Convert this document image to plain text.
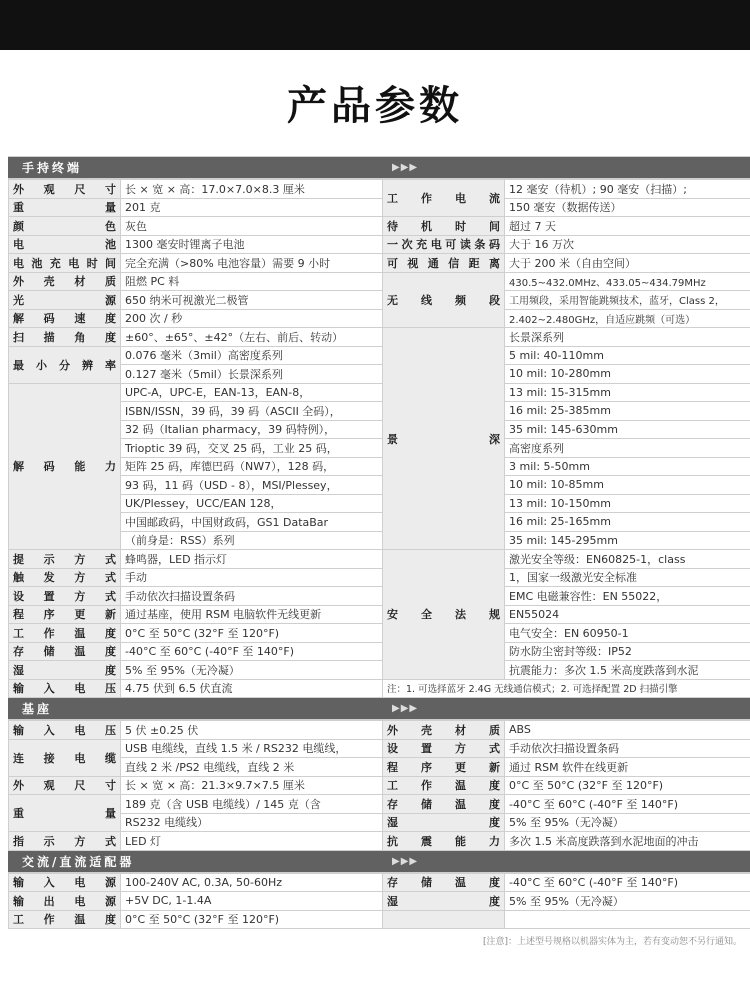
产品参数
手持终端	▶▶▶
外观尺寸	长 × 宽 × 高：17.0×7.0×8.3 厘米	工作电流	12 毫安（待机）; 90 毫安（扫描）;
重量	201 克		150 毫安（数据传送）
颜色	灰色	待机时间	超过 7 天
电池	1300 毫安时锂离子电池	一次充电可读条码	大于 16 万次
电池充电时间	完全充满（>80% 电池容量）需要 9 小时	可视通信距离	大于 200 米（自由空间）
外壳材质	阻燃 PC 料	无线频段	430.5~432.0MHz、433.05~434.79MHz
光源	650 纳米可视激光二极管		工用频段，采用智能跳频技术，蓝牙，Class 2，
解码速度	200 次 / 秒		2.402~2.480GHz，自适应跳频（可选）
扫描角度	±60°、±65°、±42°（左右、前后、转动）	景深	长景深系列
最小分辨率	0.076 毫米（3mil）高密度系列		5 mil: 40-110mm
	0.127 毫米（5mil）长景深系列		10 mil: 10-280mm
解码能力	UPC-A，UPC-E，EAN-13，EAN-8，		13 mil: 15-315mm
	ISBN/ISSN，39 码，39 码（ASCII 全码），		16 mil: 25-385mm
	32 码（Italian pharmacy，39 码特例），		35 mil: 145-630mm
	Trioptic 39 码，交叉 25 码，工业 25 码，		高密度系列
	矩阵 25 码，库德巴码（NW7），128 码，		3 mil: 5-50mm
	93 码，11 码（USD - 8），MSI/Plessey，		10 mil: 10-85mm
	UK/Plessey，UCC/EAN 128，		13 mil: 10-150mm
	中国邮政码，中国财政码，GS1 DataBar		16 mil: 25-165mm
	（前身是：RSS）系列		35 mil: 145-295mm
提示方式	蜂鸣器，LED 指示灯	安全法规	激光安全等级：EN60825-1，class
触发方式	手动		1，国家一级激光安全标准
设置方式	手动依次扫描设置条码		EMC 电磁兼容性：EN 55022，
程序更新	通过基座，使用 RSM 电脑软件无线更新		EN55024
工作温度	0°C 至 50°C (32°F 至 120°F)		电气安全：EN 60950-1
存储温度	-40°C 至 60°C (-40°F 至 140°F)		防水防尘密封等级：IP52
湿度	5% 至 95%（无冷凝）		抗震能力：多次 1.5 米高度跌落到水泥
输入电压	4.75 伏到 6.5 伏直流	注：1. 可选择蓝牙 2.4G 无线通信模式；2. 可选择配置 2D 扫描引擎	
基座	▶▶▶
输入电压	5 伏 ±0.25 伏	外壳材质	ABS
连接电缆	USB 电缆线，直线 1.5 米 / RS232 电缆线，	设置方式	手动依次扫描设置条码
	直线 2 米 /PS2 电缆线，直线 2 米	程序更新	通过 RSM 软件在线更新
外观尺寸	长 × 宽 × 高：21.3×9.7×7.5 厘米	工作温度	0°C 至 50°C (32°F 至 120°F)
重量	189 克（含 USB 电缆线）/ 145 克（含	存储温度	-40°C 至 60°C (-40°F 至 140°F)
	RS232 电缆线）	湿度	5% 至 95%（无冷凝）
指示方式	LED 灯	抗震能力	多次 1.5 米高度跌落到水泥地面的冲击
交流/直流适配器	▶▶▶
输入电源	100-240V AC, 0.3A, 50-60Hz	存储温度	-40°C 至 60°C (-40°F 至 140°F)
输出电源	+5V DC, 1-1.4A	湿度	5% 至 95%（无冷凝）
工作温度	0°C 至 50°C (32°F 至 120°F)		
[注意]：上述型号规格以机器实体为主，若有变动恕不另行通知。
